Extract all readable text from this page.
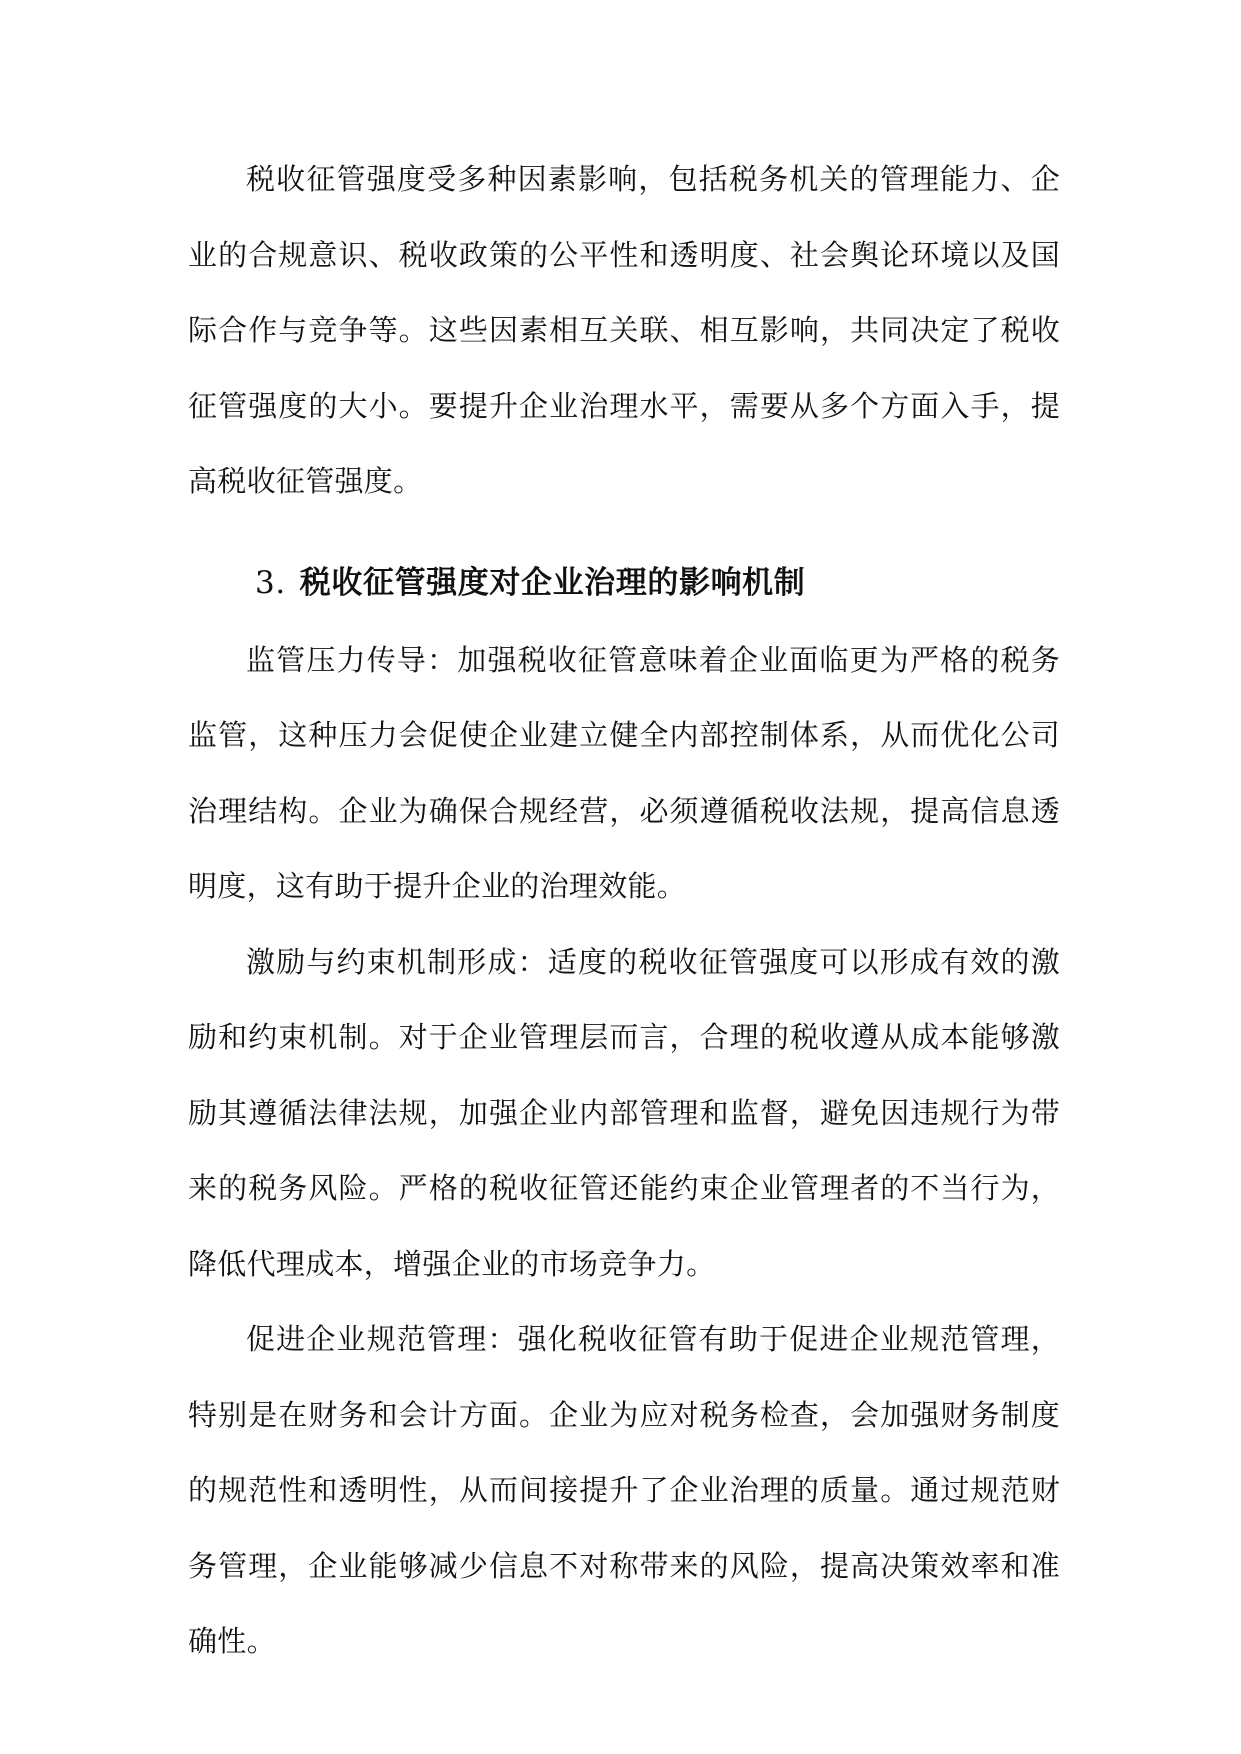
税收征管强度受多种因素影响，包括税务机关的管理能力、企业的合规意识、税收政策的公平性和透明度、社会舆论环境以及国际合作与竞争等。这些因素相互关联、相互影响，共同决定了税收征管强度的大小。要提升企业治理水平，需要从多个方面入手，提高税收征管强度。

3. 税收征管强度对企业治理的影响机制

监管压力传导：加强税收征管意味着企业面临更为严格的税务监管，这种压力会促使企业建立健全内部控制体系，从而优化公司治理结构。企业为确保合规经营，必须遵循税收法规，提高信息透明度，这有助于提升企业的治理效能。

激励与约束机制形成：适度的税收征管强度可以形成有效的激励和约束机制。对于企业管理层而言，合理的税收遵从成本能够激励其遵循法律法规，加强企业内部管理和监督，避免因违规行为带来的税务风险。严格的税收征管还能约束企业管理者的不当行为，降低代理成本，增强企业的市场竞争力。

促进企业规范管理：强化税收征管有助于促进企业规范管理，特别是在财务和会计方面。企业为应对税务检查，会加强财务制度的规范性和透明性，从而间接提升了企业治理的质量。通过规范财务管理，企业能够减少信息不对称带来的风险，提高决策效率和准确性。
